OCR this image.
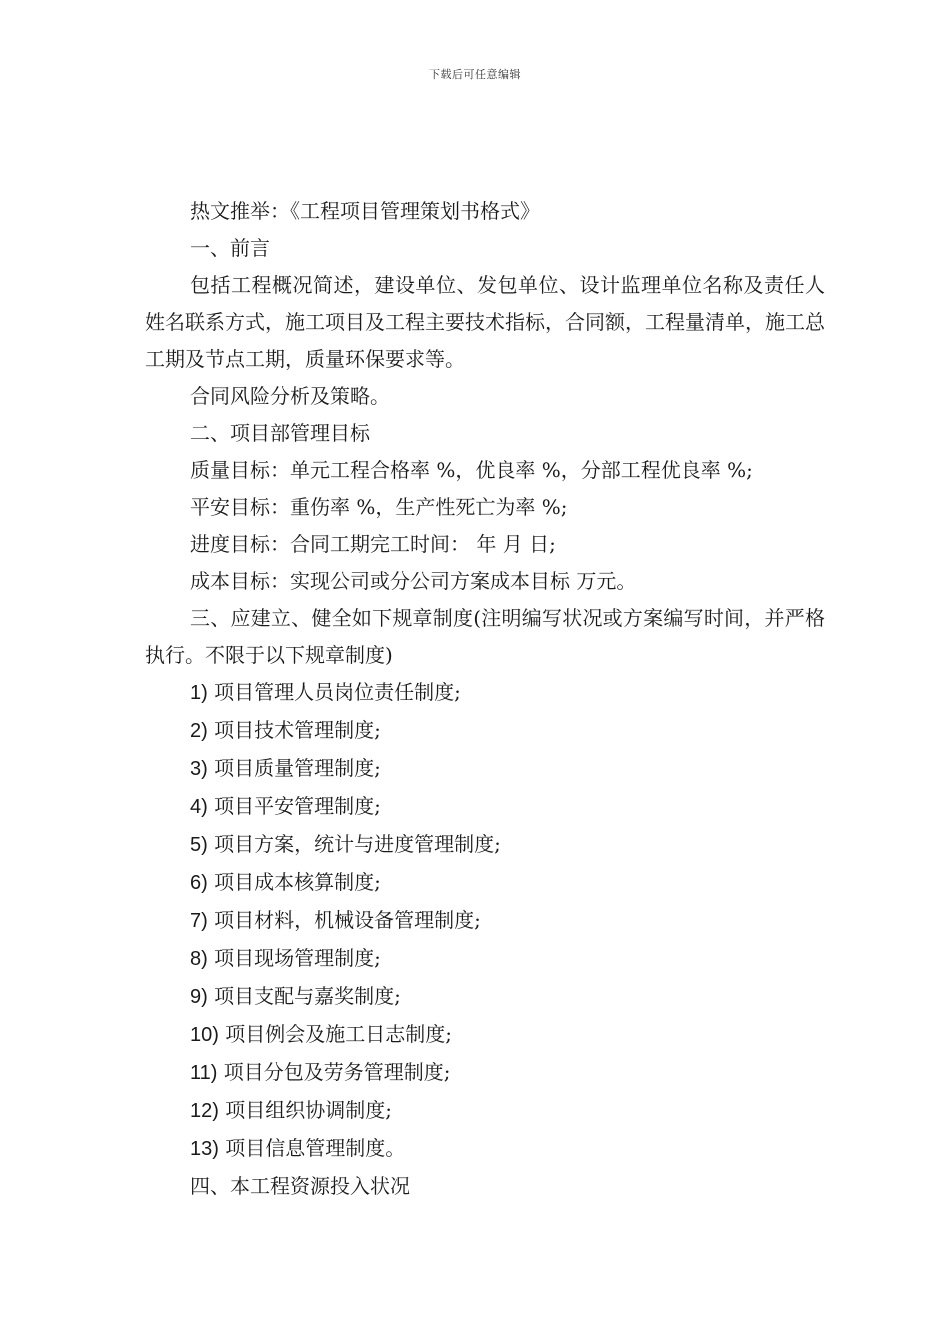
下载后可任意编辑

热文推举：《工程项目管理策划书格式》

一、前言

包括工程概况简述，建设单位、发包单位、设计监理单位名称及责任人姓名联系方式，施工项目及工程主要技术指标，合同额，工程量清单，施工总工期及节点工期，质量环保要求等。

合同风险分析及策略。

二、项目部管理目标

质量目标：单元工程合格率 %，优良率 %，分部工程优良率 %;

平安目标：重伤率 %，生产性死亡为率 %;

进度目标：合同工期完工时间： 年 月 日;

成本目标：实现公司或分公司方案成本目标 万元。

三、应建立、健全如下规章制度(注明编写状况或方案编写时间，并严格执行。不限于以下规章制度)

1) 项目管理人员岗位责任制度;

2) 项目技术管理制度;

3) 项目质量管理制度;

4) 项目平安管理制度;

5) 项目方案，统计与进度管理制度;

6) 项目成本核算制度;

7) 项目材料，机械设备管理制度;

8) 项目现场管理制度;

9) 项目支配与嘉奖制度;

10) 项目例会及施工日志制度;

11) 项目分包及劳务管理制度;

12) 项目组织协调制度;

13) 项目信息管理制度。

四、本工程资源投入状况
